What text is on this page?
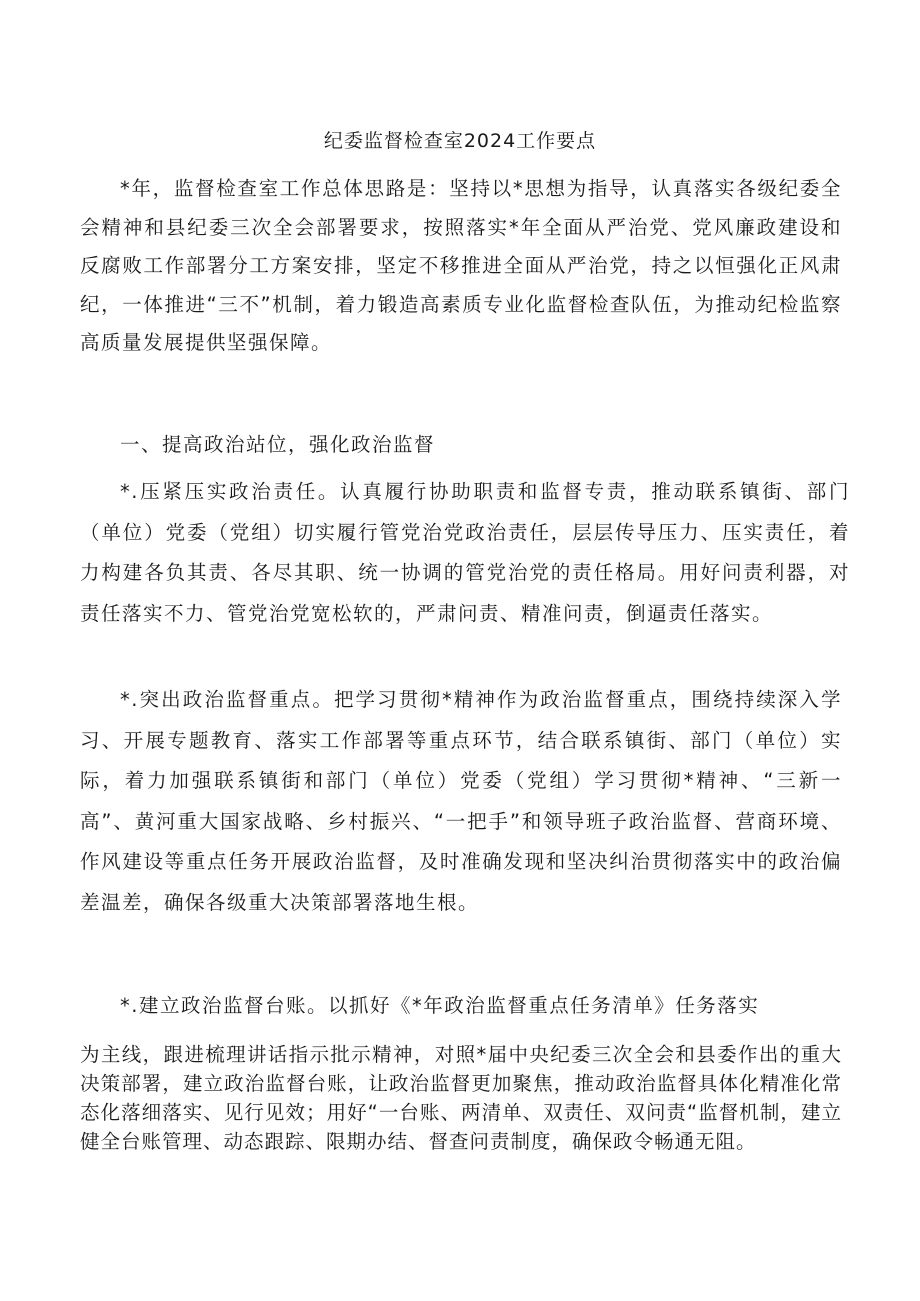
纪委监督检查室2024工作要点

*年，监督检查室工作总体思路是：坚持以*思想为指导，认真落实各级纪委全会精神和县纪委三次全会部署要求，按照落实*年全面从严治党、党风廉政建设和反腐败工作部署分工方案安排，坚定不移推进全面从严治党，持之以恒强化正风肃纪，一体推进“三不”机制，着力锻造高素质专业化监督检查队伍，为推动纪检监察高质量发展提供坚强保障。

一、提高政治站位，强化政治监督

*.压紧压实政治责任。认真履行协助职责和监督专责，推动联系镇街、部门（单位）党委（党组）切实履行管党治党政治责任，层层传导压力、压实责任，着力构建各负其责、各尽其职、统一协调的管党治党的责任格局。用好问责利器，对责任落实不力、管党治党宽松软的，严肃问责、精准问责，倒逼责任落实。

*.突出政治监督重点。把学习贯彻*精神作为政治监督重点，围绕持续深入学习、开展专题教育、落实工作部署等重点环节，结合联系镇街、部门（单位）实际，着力加强联系镇街和部门（单位）党委（党组）学习贯彻*精神、“三新一高”、黄河重大国家战略、乡村振兴、“一把手”和领导班子政治监督、营商环境、作风建设等重点任务开展政治监督，及时准确发现和坚决纠治贯彻落实中的政治偏差温差，确保各级重大决策部署落地生根。

*.建立政治监督台账。以抓好《*年政治监督重点任务清单》任务落实

为主线，跟进梳理讲话指示批示精神，对照*届中央纪委三次全会和县委作出的重大决策部署，建立政治监督台账，让政治监督更加聚焦，推动政治监督具体化精准化常态化落细落实、见行见效；用好“一台账、两清单、双责任、双问责“监督机制，建立健全台账管理、动态跟踪、限期办结、督查问责制度，确保政令畅通无阻。
